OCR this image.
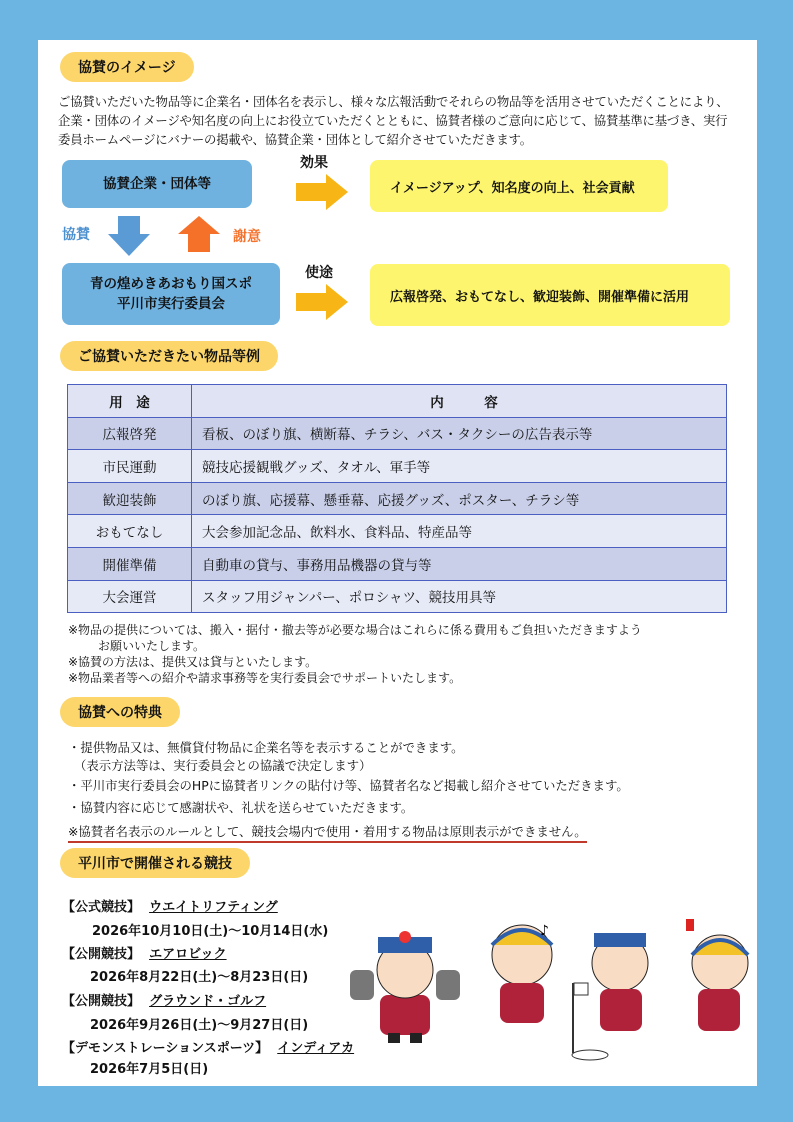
協賛のイメージ
ご協賛いただいた物品等に企業名・団体名を表示し、様々な広報活動でそれらの物品等を活用させていただくことにより、企業・団体のイメージや知名度の向上にお役立ていただくとともに、協賛者様のご意向に応じて、協賛基準に基づき、実行委員ホームページにバナーの掲載や、協賛企業・団体として紹介させていただきます。
協賛企業・団体等
効果
イメージアップ、知名度の向上、社会貢献
協賛	謝意
青の煌めきあおもり国スポ
平川市実行委員会
使途
広報啓発、おもてなし、歓迎装飾、開催準備に活用
ご協賛いただきたい物品等例
用　途	内　　　容
広報啓発	看板、のぼり旗、横断幕、チラシ、バス・タクシーの広告表示等
市民運動	競技応援観戦グッズ、タオル、軍手等
歓迎装飾	のぼり旗、応援幕、懸垂幕、応援グッズ、ポスター、チラシ等
おもてなし	大会参加記念品、飲料水、食料品、特産品等
開催準備	自動車の貸与、事務用品機器の貸与等
大会運営	スタッフ用ジャンパー、ポロシャツ、競技用具等
※物品の提供については、搬入・据付・撤去等が必要な場合はこれらに係る費用もご負担いただきますよう
お願いいたします。
※協賛の方法は、提供又は貸与といたします。
※物品業者等への紹介や請求事務等を実行委員会でサポートいたします。
協賛への特典
・提供物品又は、無償貸付物品に企業名等を表示することができます。
（表示方法等は、実行委員会との協議で決定します）
・平川市実行委員会のHPに協賛者リンクの貼付け等、協賛者名など掲載し紹介させていただきます。
・協賛内容に応じて感謝状や、礼状を送らせていただきます。
※協賛者名表示のルールとして、競技会場内で使用・着用する物品は原則表示ができません。
平川市で開催される競技
【公式競技】 ウエイトリフティング
2026年10月10日(土)～10月14日(水)
【公開競技】 エアロビック
2026年8月22日(土)～8月23日(日)
【公開競技】 グラウンド・ゴルフ
2026年9月26日(土)～9月27日(日)
【デモンストレーションスポーツ】 インディアカ
2026年7月5日(日)
♪
